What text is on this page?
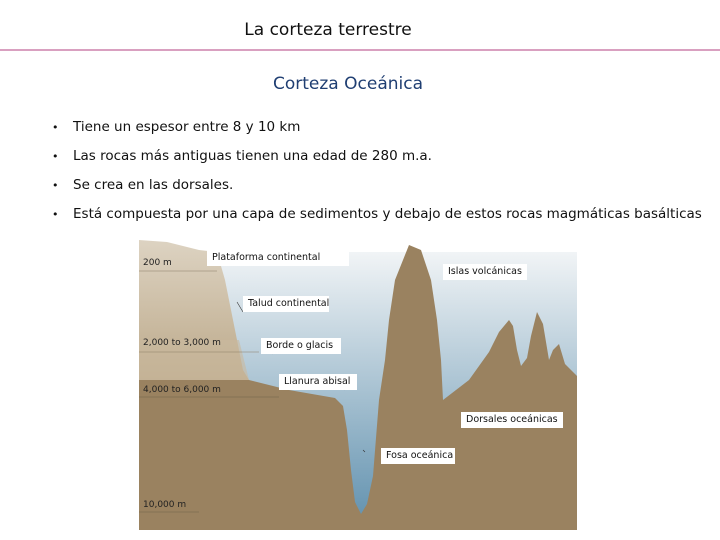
La corteza terrestre
Corteza Oceánica
• Tiene un espesor entre 8 y 10 km
• Las rocas más antiguas tienen una edad de 280 m.a.
• Se crea en las dorsales.
• Está compuesta por una capa de sedimentos y debajo de estos rocas magmáticas basálticas
200 m
2,000 to 3,000 m
4,000 to 6,000 m
10,000 m
Plataforma continental
Islas volcánicas
Talud continental
Borde o glacis
Llanura abisal
Dorsales oceánicas
Fosa oceánica
